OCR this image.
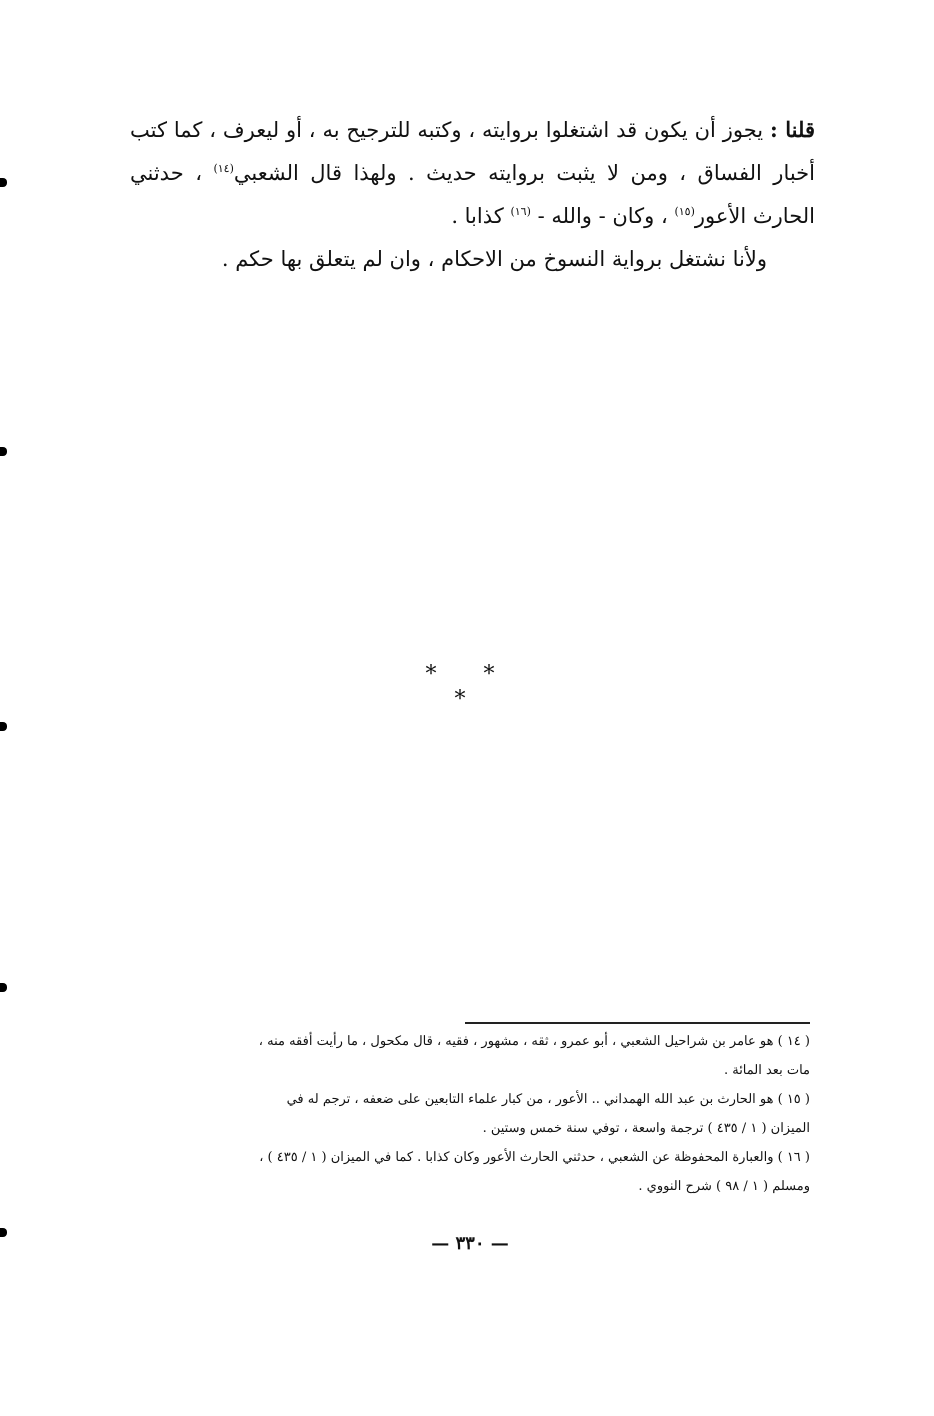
قلنا : يجوز أن يكون قد اشتغلوا بروايته ، وكتبه للترجيح به ، أو ليعرف ، كما كتب أخبار الفساق ، ومن لا يثبت بروايته حديث . ولهذا قال الشعبي$^{(١٤)}$ ، حدثني الحارث الأعور$^{(١٥)}$ ، وكان - والله - $^{(١٦)}$ كذابا .

ولأنا نشتغل برواية النسوخ من الاحكام ، وان لم يتعلق بها حكم .

* * *

( ١٤ ) هو عامر بن شراحيل الشعبي ، أبو عمرو ، ثقه ، مشهور ، فقيه ، قال مكحول ، ما رأيت أفقه منه ،
مات بعد المائة .

( ١٥ ) هو الحارث بن عبد الله الهمداني .. الأعور ، من كبار علماء التابعين على ضعفه ، ترجم له في
الميزان ( ١ / ٤٣٥ ) ترجمة واسعة ، توفي سنة خمس وستين .

( ١٦ ) والعبارة المحفوظة عن الشعبي ، حدثني الحارث الأعور وكان كذابا . كما في الميزان ( ١ / ٤٣٥ ) ،
ومسلم ( ١ / ٩٨ ) شرح النووي .

— ٣٣٠ —
